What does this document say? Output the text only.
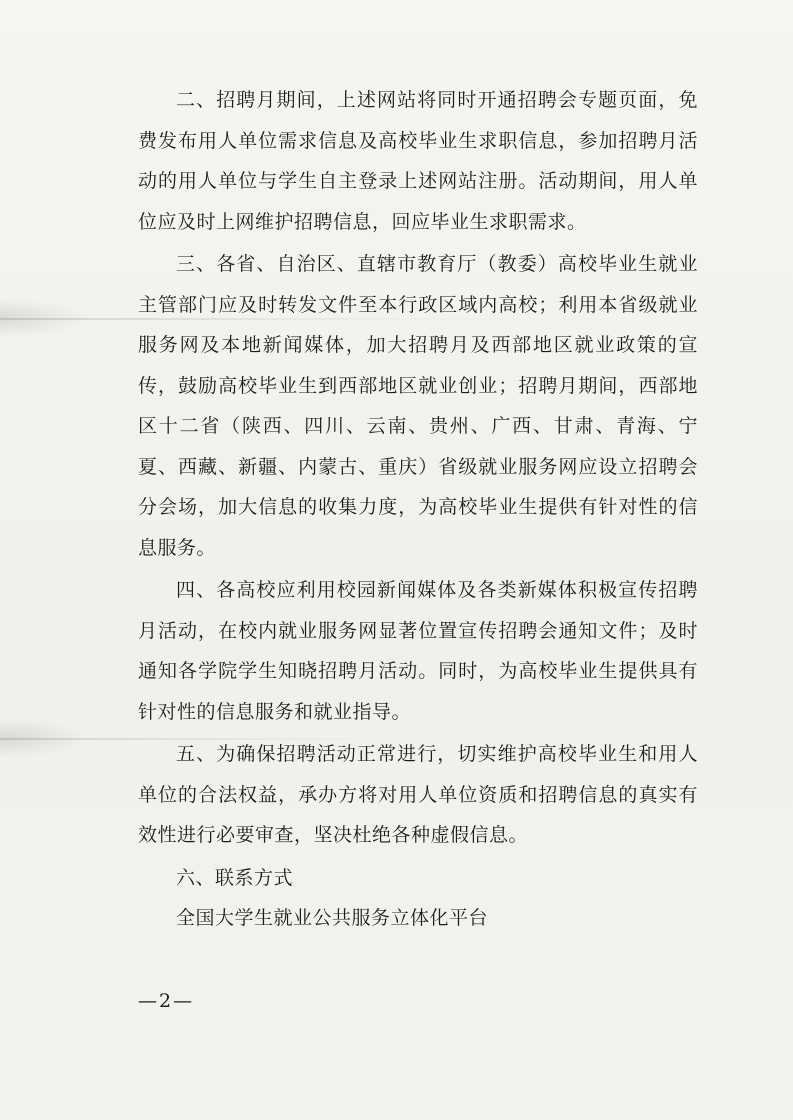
二、招聘月期间，上述网站将同时开通招聘会专题页面，免费发布用人单位需求信息及高校毕业生求职信息，参加招聘月活动的用人单位与学生自主登录上述网站注册。活动期间，用人单位应及时上网维护招聘信息，回应毕业生求职需求。

三、各省、自治区、直辖市教育厅（教委）高校毕业生就业主管部门应及时转发文件至本行政区域内高校；利用本省级就业服务网及本地新闻媒体，加大招聘月及西部地区就业政策的宣传，鼓励高校毕业生到西部地区就业创业；招聘月期间，西部地区十二省（陕西、四川、云南、贵州、广西、甘肃、青海、宁夏、西藏、新疆、内蒙古、重庆）省级就业服务网应设立招聘会分会场，加大信息的收集力度，为高校毕业生提供有针对性的信息服务。

四、各高校应利用校园新闻媒体及各类新媒体积极宣传招聘月活动，在校内就业服务网显著位置宣传招聘会通知文件；及时通知各学院学生知晓招聘月活动。同时，为高校毕业生提供具有针对性的信息服务和就业指导。

五、为确保招聘活动正常进行，切实维护高校毕业生和用人单位的合法权益，承办方将对用人单位资质和招聘信息的真实有效性进行必要审查，坚决杜绝各种虚假信息。

六、联系方式

全国大学生就业公共服务立体化平台

—2—
